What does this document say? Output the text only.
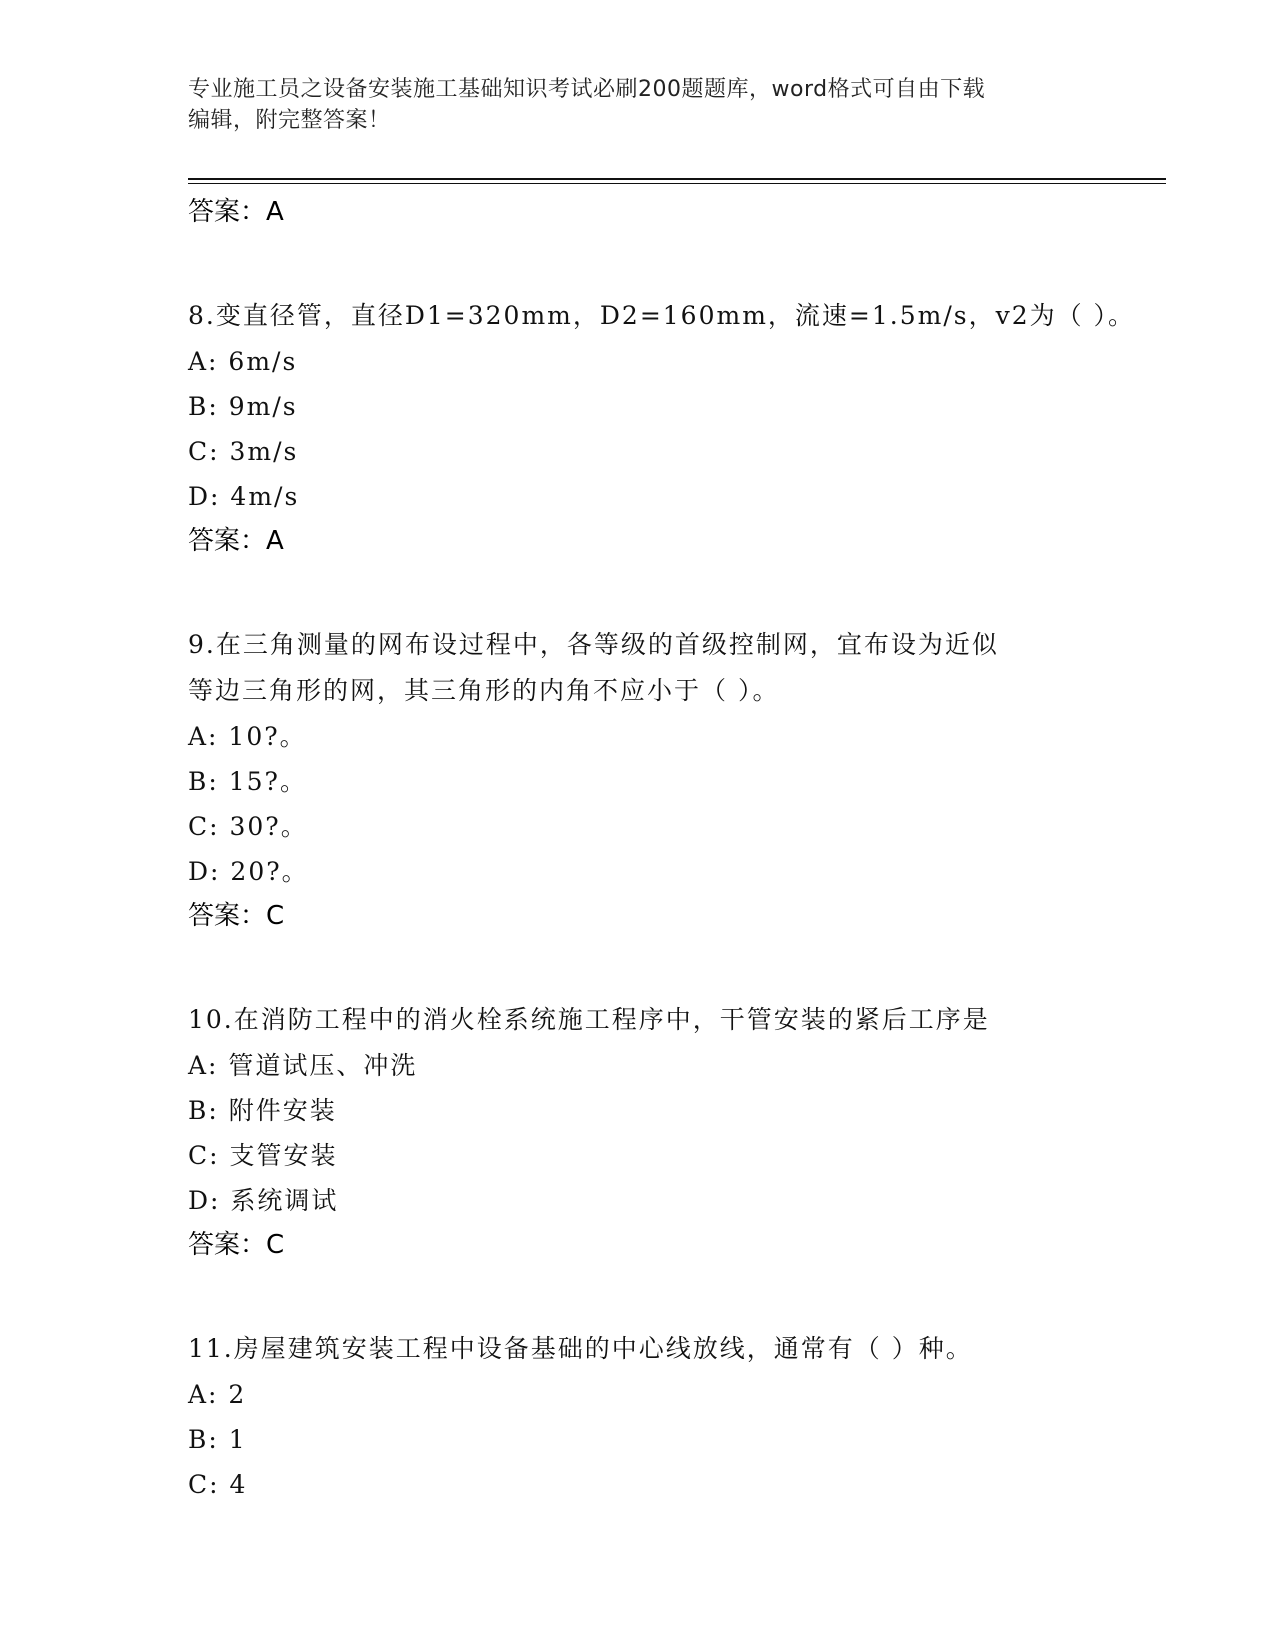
专业施工员之设备安装施工基础知识考试必刷200题题库，word格式可自由下载
编辑，附完整答案！
答案：A
8.变直径管，直径D1=320mm，D2=160mm，流速=1.5m/s，v2为（ ）。
A: 6m/s
B: 9m/s
C: 3m/s
D: 4m/s
答案：A
9.在三角测量的网布设过程中，各等级的首级控制网，宜布设为近似
等边三角形的网，其三角形的内角不应小于（ ）。
A: 10?。
B: 15?。
C: 30?。
D: 20?。
答案：C
10.在消防工程中的消火栓系统施工程序中，干管安装的紧后工序是
A: 管道试压、冲洗
B: 附件安装
C: 支管安装
D: 系统调试
答案：C
11.房屋建筑安装工程中设备基础的中心线放线，通常有（ ）种。
A: 2
B: 1
C: 4
